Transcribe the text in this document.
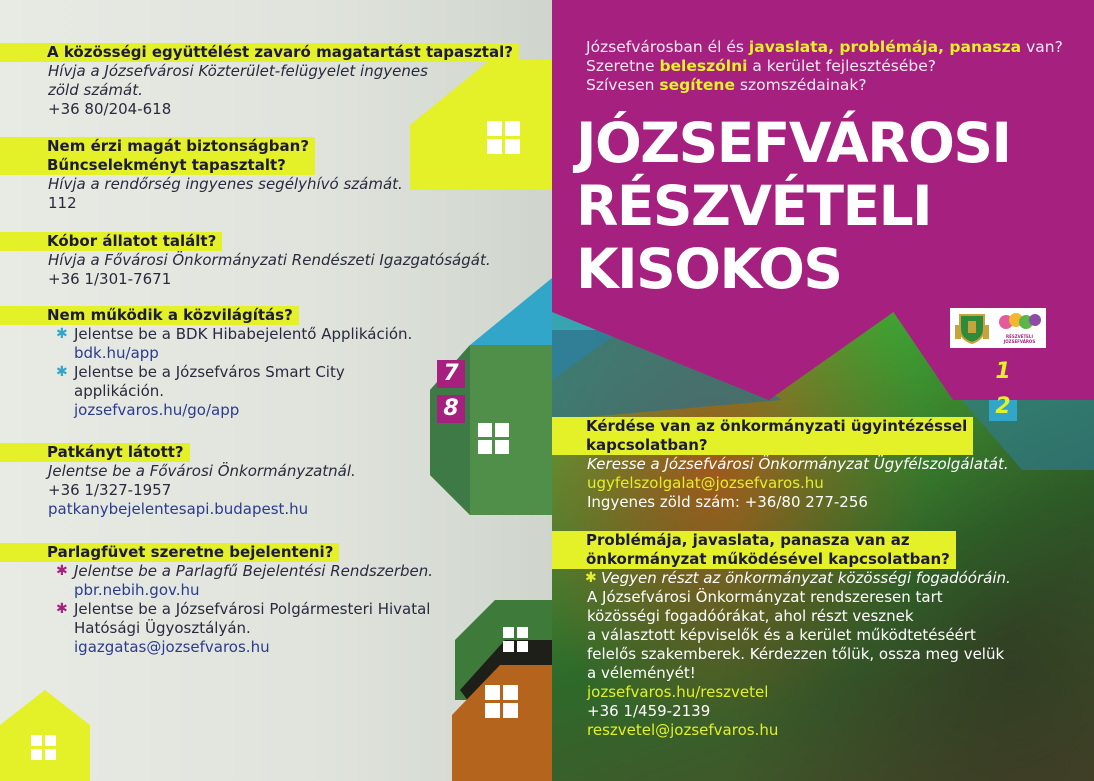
7
8
A közösségi együttélést zavaró magatartást tapasztal?
Hívja a Józsefvárosi Közterület-felügyelet ingyenes
zöld számát.
+36 80/204-618
Nem érzi magát biztonságban?
Bűncselekményt tapasztalt?
Hívja a rendőrség ingyenes segélyhívó számát.
112
Kóbor állatot talált?
Hívja a Fővárosi Önkormányzati Rendészeti Igazgatóságát.
+36 1/301-7671
Nem működik a közvilágítás?
✱ Jelentse be a BDK Hibabejelentő Applikáción.
bdk.hu/app
✱ Jelentse be a Józsefváros Smart City
applikáción.
jozsefvaros.hu/go/app
Patkányt látott?
Jelentse be a Fővárosi Önkormányzatnál.
+36 1/327-1957
patkanybejelentesapi.budapest.hu
Parlagfüvet szeretne bejelenteni?
✱ Jelentse be a Parlagfű Bejelentési Rendszerben.
pbr.nebih.gov.hu
✱ Jelentse be a Józsefvárosi Polgármesteri Hivatal
Hatósági Ügyosztályán.
igazgatas@jozsefvaros.hu
Józsefvárosban él és javaslata, problémája, panasza van?
Szeretne beleszólni a kerület fejlesztésébe?
Szívesen segítene szomszédainak?
JÓZSEFVÁROSI
RÉSZVÉTELI
KISOKOS
RÉSZVÉTELI JÓZSEFVÁROS
1
2
Kérdése van az önkormányzati ügyintézéssel
kapcsolatban?
Keresse a Józsefvárosi Önkormányzat Ügyfélszolgálatát.
ugyfelszolgalat@jozsefvaros.hu
Ingyenes zöld szám: +36/80 277-256
Problémája, javaslata, panasza van az
önkormányzat működésével kapcsolatban?
✱ Vegyen részt az önkormányzat közösségi fogadóóráin.
A Józsefvárosi Önkormányzat rendszeresen tart
közösségi fogadóórákat, ahol részt vesznek
a választott képviselők és a kerület működtetéséért
felelős szakemberek. Kérdezzen tőlük, ossza meg velük
a véleményét!
jozsefvaros.hu/reszvetel
+36 1/459-2139
reszvetel@jozsefvaros.hu
